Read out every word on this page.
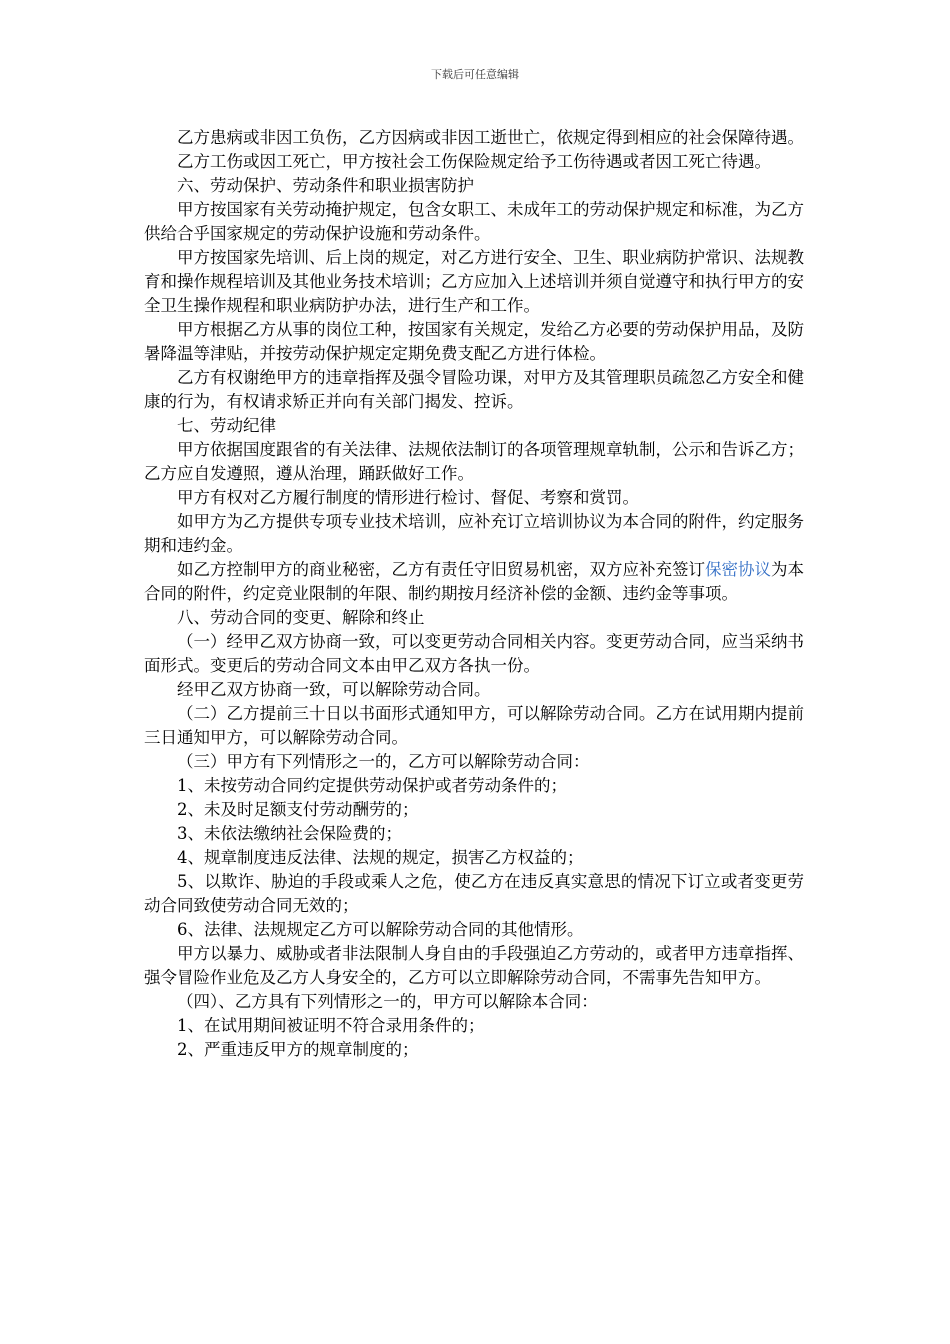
下载后可任意编辑

乙方患病或非因工负伤，乙方因病或非因工逝世亡，依规定得到相应的社会保障待遇。

乙方工伤或因工死亡，甲方按社会工伤保险规定给予工伤待遇或者因工死亡待遇。

六、劳动保护、劳动条件和职业损害防护

甲方按国家有关劳动掩护规定，包含女职工、未成年工的劳动保护规定和标准，为乙方供给合乎国家规定的劳动保护设施和劳动条件。

甲方按国家先培训、后上岗的规定，对乙方进行安全、卫生、职业病防护常识、法规教育和操作规程培训及其他业务技术培训；乙方应加入上述培训并须自觉遵守和执行甲方的安全卫生操作规程和职业病防护办法，进行生产和工作。

甲方根据乙方从事的岗位工种，按国家有关规定，发给乙方必要的劳动保护用品，及防暑降温等津贴，并按劳动保护规定定期免费支配乙方进行体检。

乙方有权谢绝甲方的违章指挥及强令冒险功课，对甲方及其管理职员疏忽乙方安全和健康的行为，有权请求矫正并向有关部门揭发、控诉。

七、劳动纪律

甲方依据国度跟省的有关法律、法规依法制订的各项管理规章轨制，公示和告诉乙方；乙方应自发遵照，遵从治理，踊跃做好工作。

甲方有权对乙方履行制度的情形进行检讨、督促、考察和赏罚。

如甲方为乙方提供专项专业技术培训，应补充订立培训协议为本合同的附件，约定服务期和违约金。

如乙方控制甲方的商业秘密，乙方有责任守旧贸易机密，双方应补充签订保密协议为本合同的附件，约定竞业限制的年限、制约期按月经济补偿的金额、违约金等事项。

八、劳动合同的变更、解除和终止

（一）经甲乙双方协商一致，可以变更劳动合同相关内容。变更劳动合同，应当采纳书面形式。变更后的劳动合同文本由甲乙双方各执一份。

经甲乙双方协商一致，可以解除劳动合同。

（二）乙方提前三十日以书面形式通知甲方，可以解除劳动合同。乙方在试用期内提前三日通知甲方，可以解除劳动合同。

（三）甲方有下列情形之一的，乙方可以解除劳动合同：

1、未按劳动合同约定提供劳动保护或者劳动条件的；

2、未及时足额支付劳动酬劳的；

3、未依法缴纳社会保险费的；

4、规章制度违反法律、法规的规定，损害乙方权益的；

5、以欺诈、胁迫的手段或乘人之危，使乙方在违反真实意思的情况下订立或者变更劳动合同致使劳动合同无效的；

6、法律、法规规定乙方可以解除劳动合同的其他情形。

甲方以暴力、威胁或者非法限制人身自由的手段强迫乙方劳动的，或者甲方违章指挥、强令冒险作业危及乙方人身安全的，乙方可以立即解除劳动合同，不需事先告知甲方。

（四）、乙方具有下列情形之一的，甲方可以解除本合同：

1、在试用期间被证明不符合录用条件的；

2、严重违反甲方的规章制度的；
